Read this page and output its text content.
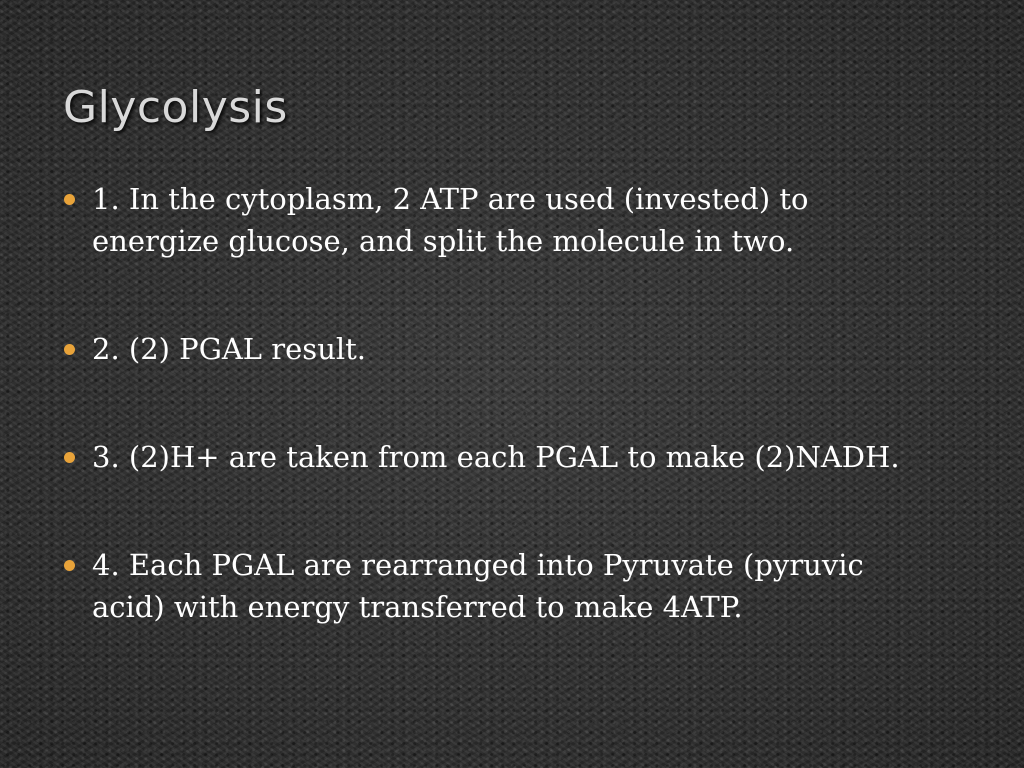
Glycolysis
1. In the cytoplasm, 2 ATP are used (invested) to energize glucose, and split the molecule in two.
2. (2) PGAL result.
3. (2)H+ are taken from each PGAL to make (2)NADH.
4. Each PGAL are rearranged into Pyruvate (pyruvic acid) with energy transferred to make 4ATP.
